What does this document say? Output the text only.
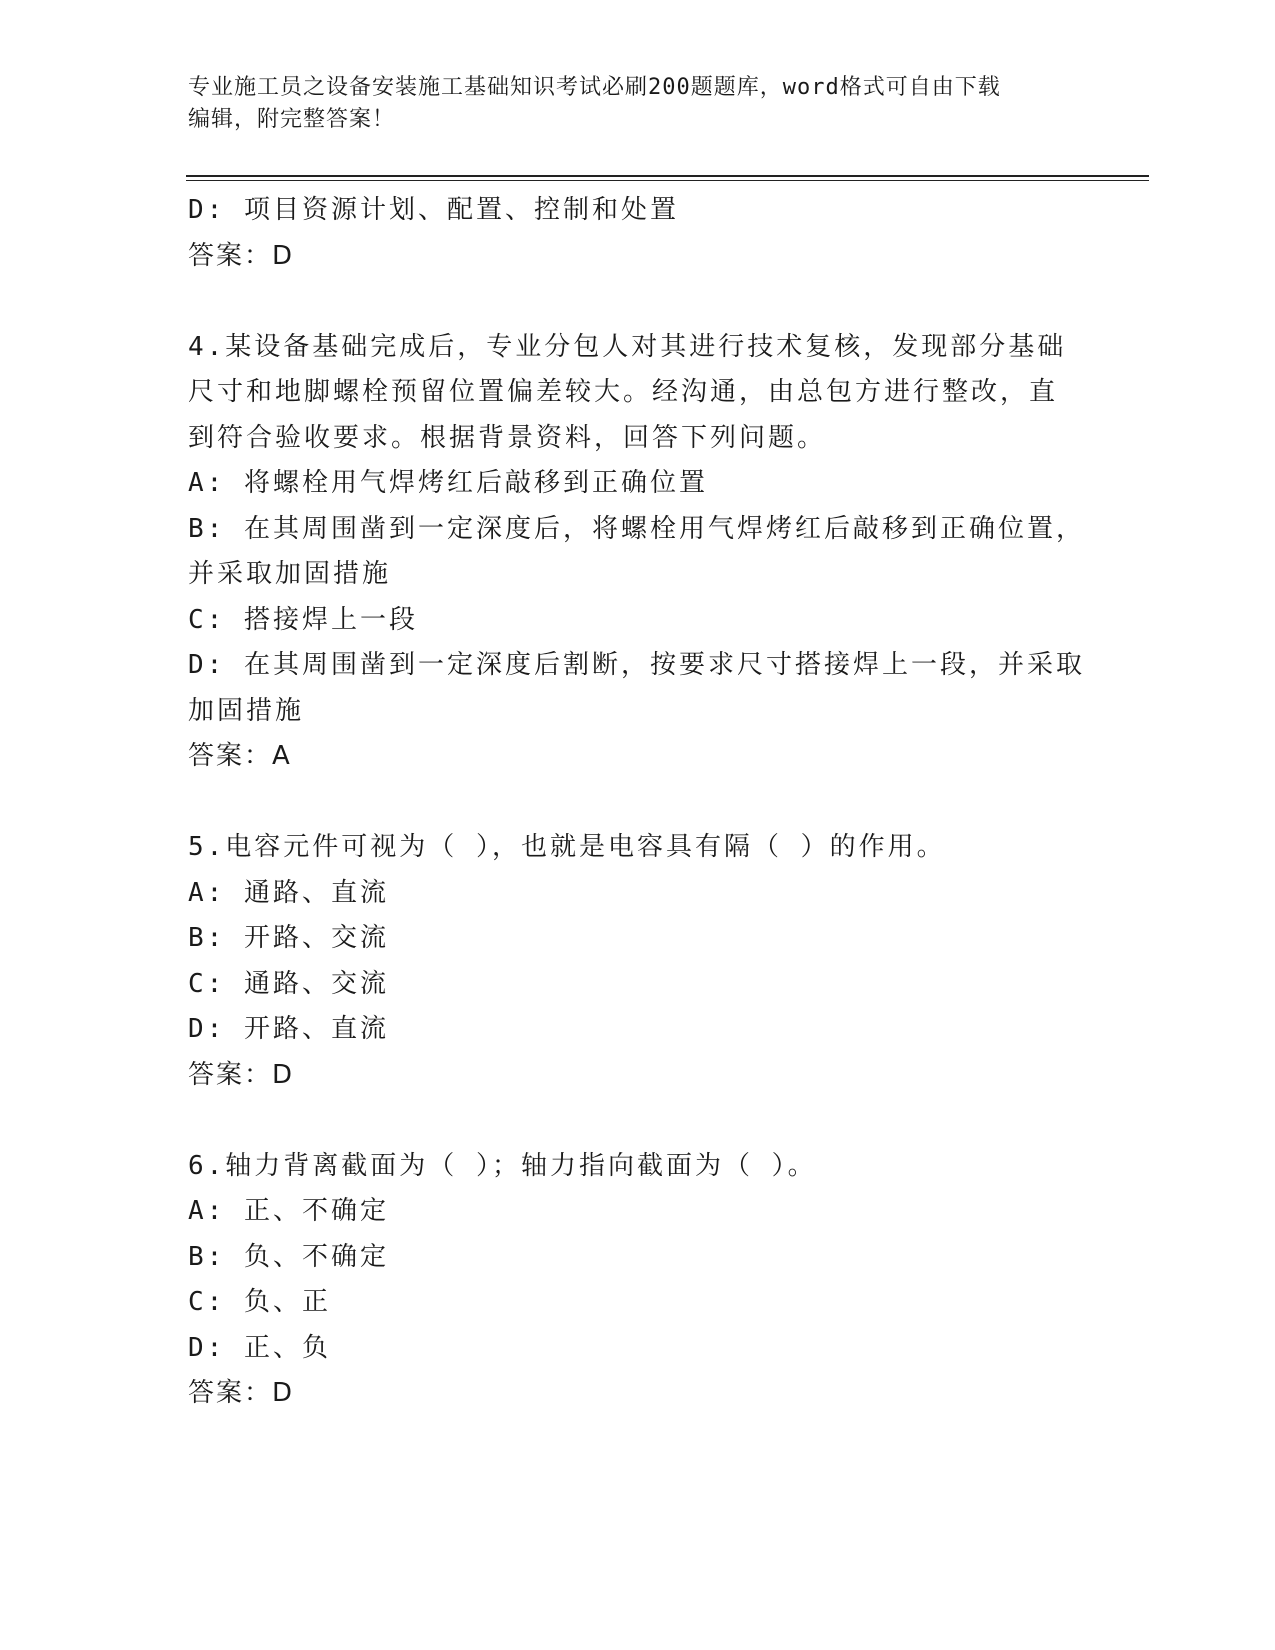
专业施工员之设备安装施工基础知识考试必刷200题题库，word格式可自由下载
编辑，附完整答案！
D: 项目资源计划、配置、控制和处置
答案：D
4.某设备基础完成后，专业分包人对其进行技术复核，发现部分基础
尺寸和地脚螺栓预留位置偏差较大。经沟通，由总包方进行整改，直
到符合验收要求。根据背景资料，回答下列问题。
A: 将螺栓用气焊烤红后敲移到正确位置
B: 在其周围凿到一定深度后，将螺栓用气焊烤红后敲移到正确位置，
并采取加固措施
C: 搭接焊上一段
D: 在其周围凿到一定深度后割断，按要求尺寸搭接焊上一段，并采取
加固措施
答案：A
5.电容元件可视为（ ），也就是电容具有隔（ ）的作用。
A: 通路、直流
B: 开路、交流
C: 通路、交流
D: 开路、直流
答案：D
6.轴力背离截面为（ ）；轴力指向截面为（ ）。
A: 正、不确定
B: 负、不确定
C: 负、正
D: 正、负
答案：D
